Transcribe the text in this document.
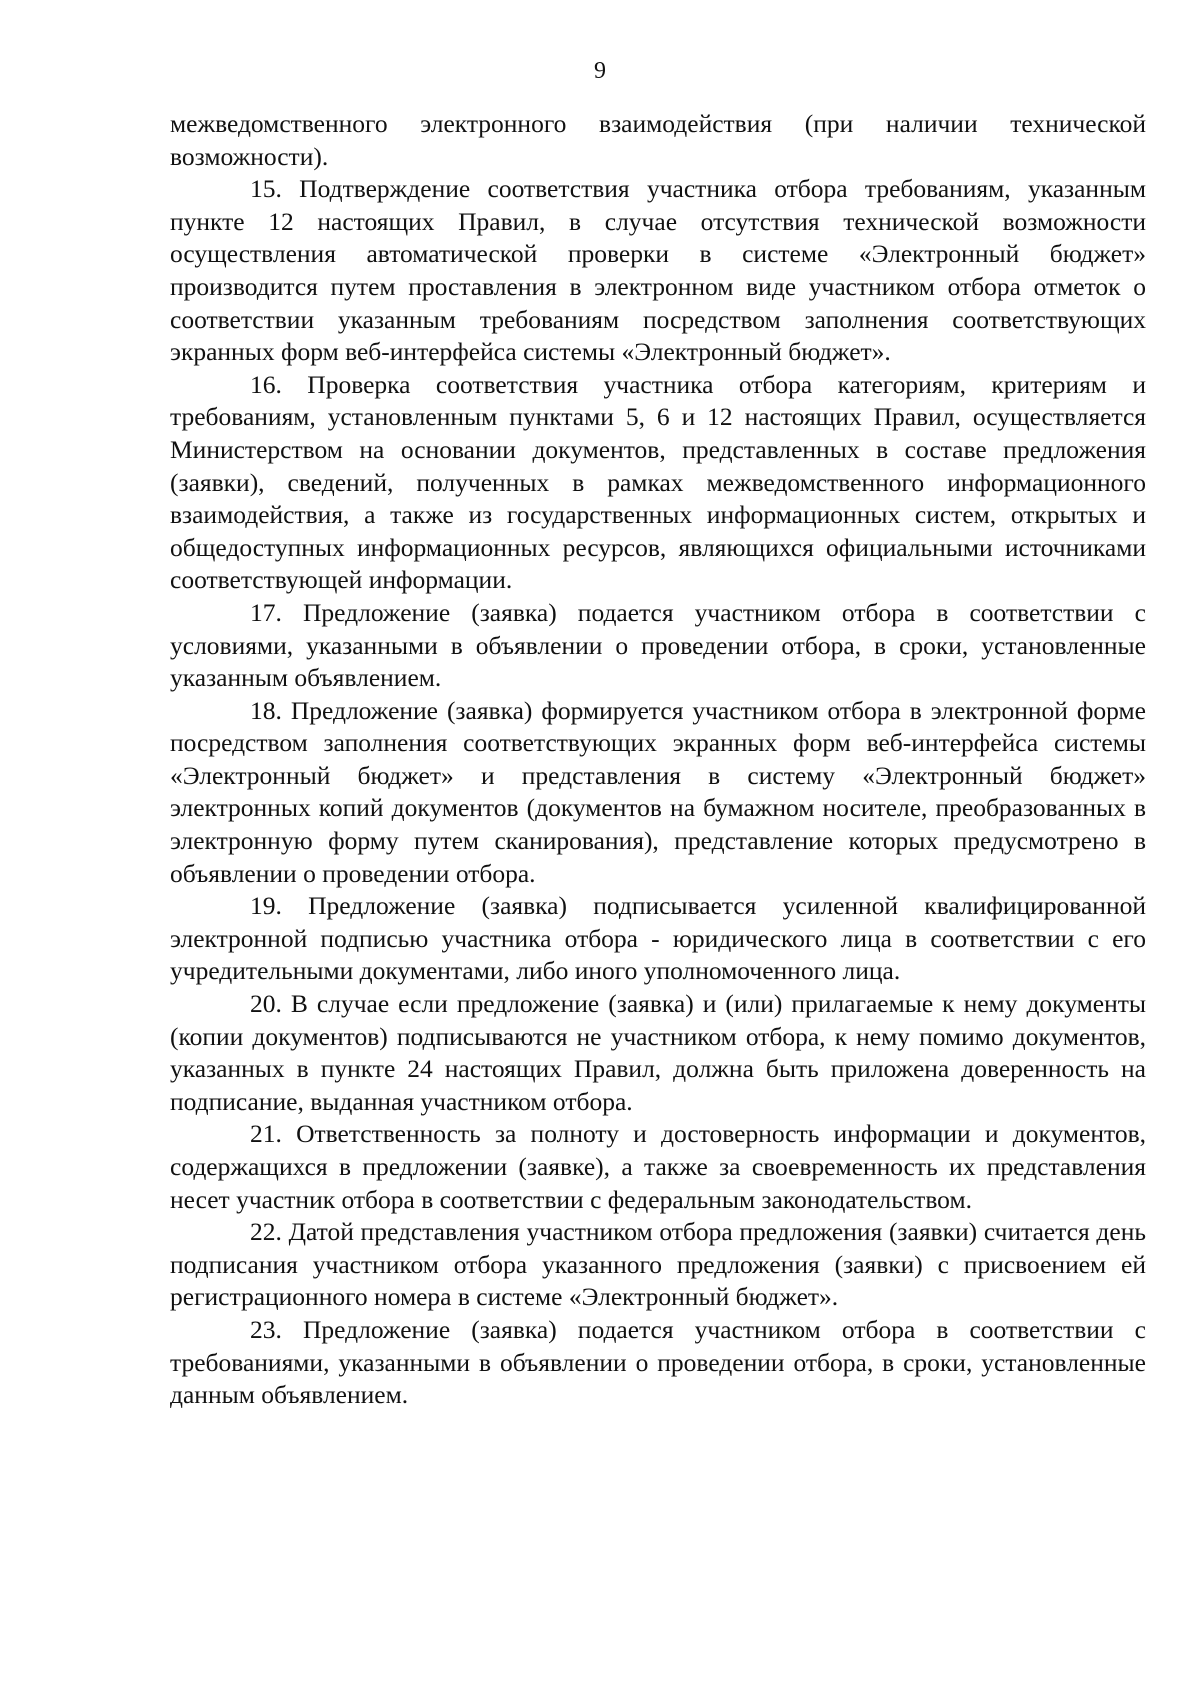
9

межведомственного электронного взаимодействия (при наличии технической возможности).

15. Подтверждение соответствия участника отбора требованиям, указанным пункте 12 настоящих Правил, в случае отсутствия технической возможности осуществления автоматической проверки в системе «Электронный бюджет» производится путем проставления в электронном виде участником отбора отметок о соответствии указанным требованиям посредством заполнения соответствующих экранных форм веб-интерфейса системы «Электронный бюджет».

16. Проверка соответствия участника отбора категориям, критериям и требованиям, установленным пунктами 5, 6 и 12 настоящих Правил, осуществляется Министерством на основании документов, представленных в составе предложения (заявки), сведений, полученных в рамках межведомственного информационного взаимодействия, а также из государственных информационных систем, открытых и общедоступных информационных ресурсов, являющихся официальными источниками соответствующей информации.

17. Предложение (заявка) подается участником отбора в соответствии с условиями, указанными в объявлении о проведении отбора, в сроки, установленные указанным объявлением.

18. Предложение (заявка) формируется участником отбора в электронной форме посредством заполнения соответствующих экранных форм веб-интерфейса системы «Электронный бюджет» и представления в систему «Электронный бюджет» электронных копий документов (документов на бумажном носителе, преобразованных в электронную форму путем сканирования), представление которых предусмотрено в объявлении о проведении отбора.

19. Предложение (заявка) подписывается усиленной квалифицированной электронной подписью участника отбора - юридического лица в соответствии с его учредительными документами, либо иного уполномоченного лица.

20. В случае если предложение (заявка) и (или) прилагаемые к нему документы (копии документов) подписываются не участником отбора, к нему помимо документов, указанных в пункте 24 настоящих Правил, должна быть приложена доверенность на подписание, выданная участником отбора.

21. Ответственность за полноту и достоверность информации и документов, содержащихся в предложении (заявке), а также за своевременность их представления несет участник отбора в соответствии с федеральным законодательством.

22. Датой представления участником отбора предложения (заявки) считается день подписания участником отбора указанного предложения (заявки) с присвоением ей регистрационного номера в системе «Электронный бюджет».

23. Предложение (заявка) подается участником отбора в соответствии с требованиями, указанными в объявлении о проведении отбора, в сроки, установленные данным объявлением.
